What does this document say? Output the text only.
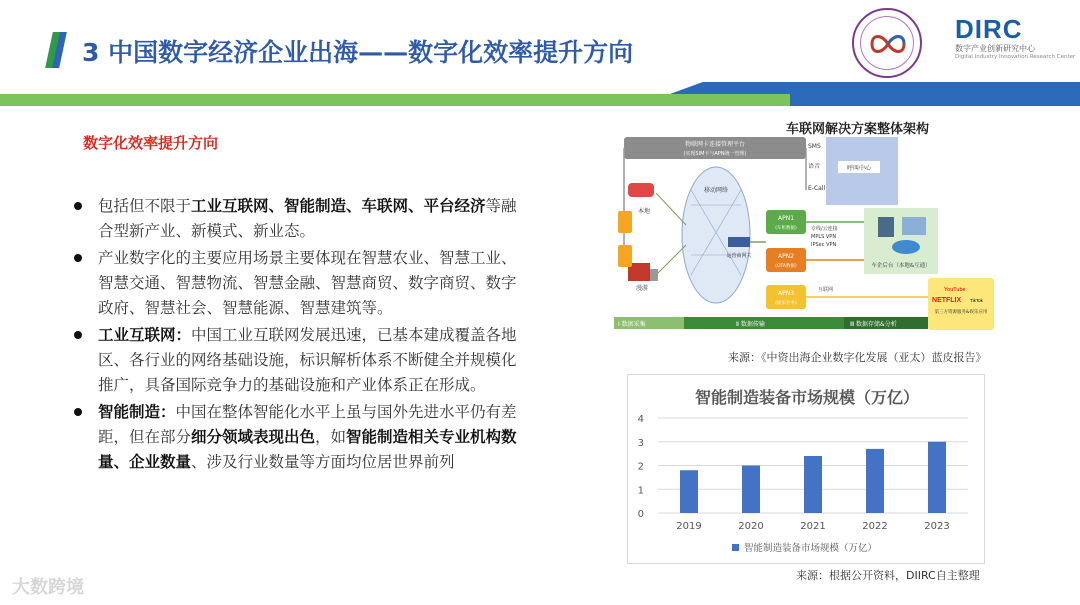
3 中国数字经济企业出海——数字化效率提升方向
DIRC
数字产业创新研究中心
Digital Industry Innovation Research Center
数字化效率提升方向
包括但不限于工业互联网、智能制造、车联网、平台经济等融合型新产业、新模式、新业态。
产业数字化的主要应用场景主要体现在智慧农业、智慧工业、智慧交通、智慧物流、智慧金融、智慧商贸、数字商贸、数字政府、智慧社会、智慧能源、智慧建筑等。
工业互联网：中国工业互联网发展迅速，已基本建成覆盖各地区、各行业的网络基础设施，标识解析体系不断健全并规模化推广，具备国际竞争力的基础设施和产业体系正在形成。
智能制造：中国在整体智能化水平上虽与国外先进水平仍有差距，但在部分细分领域表现出色，如智能制造相关专业机构数量、企业数量、涉及行业数量等方面均位居世界前列
物联网卡连接管理平台
(实现SIM卡与APN统一管理)
呼叫中心
SMS
语音
E-Call
本地
漫游
移动网络
运营商网关
APN1
(车机数据)
APN2
(OTA数据)
APN3
(娱乐业务)
专线/云连接
MPLS VPN
IPSec VPN
车企后台（本地&互通）
互联网	YouTube
NETFLIX TikTok
第三方资源服务&娱乐应用
Ⅰ 数据采集	Ⅱ 数据传输	Ⅲ 数据存储&分析
车联网解决方案整体架构
来源：《中资出海企业数字化发展（亚太）蓝皮报告》
智能制造装备市场规模（万亿）
0
1
2
3
4
2019	2020	2021	2022	2023
智能制造装备市场规模（万亿）
来源：根据公开资料，DIIRC自主整理
大数跨境
